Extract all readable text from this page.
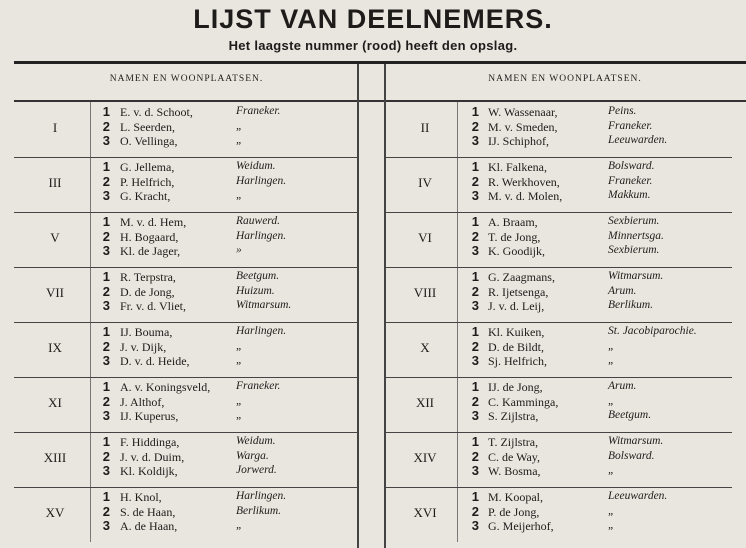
LIJST VAN DEELNEMERS.
Het laagste nummer (rood) heeft den opslag.
NAMEN EN WOONPLAATSEN.	NAMEN EN WOONPLAATSEN.
I
1 E. v. d. Schoot,	Franeker.
2 L. Seerden,	„
3 O. Vellinga,	„
III
1 G. Jellema,	Weidum.
2 P. Helfrich,	Harlingen.
3 G. Kracht,	„
V
1 M. v. d. Hem,	Rauwerd.
2 H. Bogaard,	Harlingen.
3 Kl. de Jager,	»
VII
1 R. Terpstra,	Beetgum.
2 D. de Jong,	Huizum.
3 Fr. v. d. Vliet,	Witmarsum.
IX
1 IJ. Bouma,	Harlingen.
2 J. v. Dijk,	„
3 D. v. d. Heide,	„
XI
1 A. v. Koningsveld, Franeker.
2 J. Althof,	„
3 IJ. Kuperus,	„
XIII
1 F. Hiddinga,	Weidum.
2 J. v. d. Duim,	Warga.
3 Kl. Koldijk,	Jorwerd.
XV
1 H. Knol,	Harlingen.
2 S. de Haan,	Berlikum.
3 A. de Haan,	„
II
1 W. Wassenaar,	Peins.
2 M. v. Smeden,	Franeker.
3 IJ. Schiphof,	Leeuwarden.
IV
1 Kl. Falkena,	Bolsward.
2 R. Werkhoven,	Franeker.
3 M. v. d. Molen,	Makkum.
VI
1 A. Braam,	Sexbierum.
2 T. de Jong,	Minnertsga.
3 K. Goodijk,	Sexbierum.
VIII
1 G. Zaagmans,	Witmarsum.
2 R. Ijetsenga,	Arum.
3 J. v. d. Leij,	Berlikum.
X
1 Kl. Kuiken,	St. Jacobiparochie.
2 D. de Bildt,	„
3 Sj. Helfrich,	„
XII
1 IJ. de Jong,	Arum.
2 C. Kamminga,	„
3 S. Zijlstra,	Beetgum.
XIV
1 T. Zijlstra,	Witmarsum.
2 C. de Way,	Bolsward.
3 W. Bosma,	„
XVI
1 M. Koopal,	Leeuwarden.
2 P. de Jong,	„
3 G. Meijerhof,	„
